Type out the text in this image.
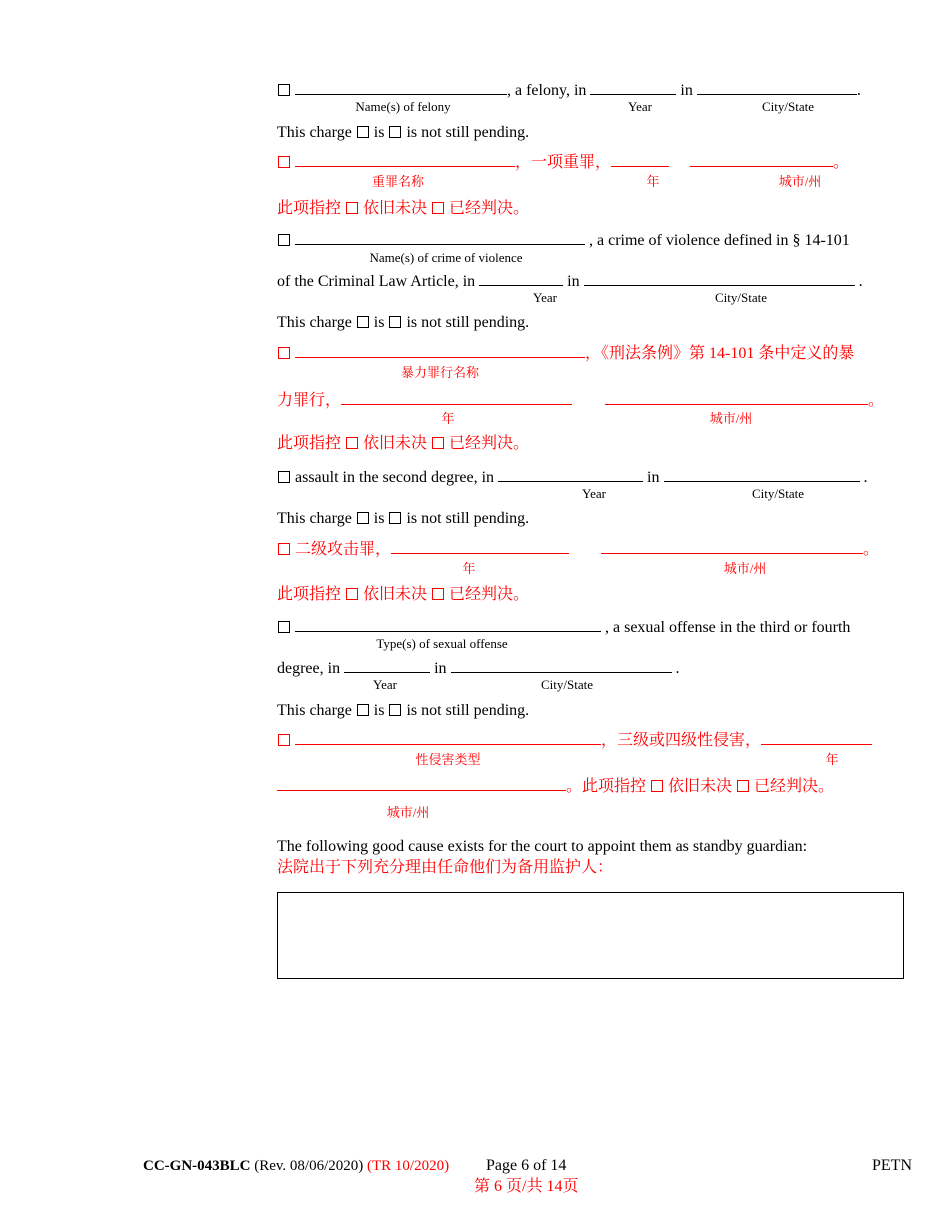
, a felony, in	in	.
Name(s) of felony	Year	City/State
This charge is is not still pending.
，一项重罪，	。
重罪名称	年	城市/州
此项指控 依旧未决 已经判决。
, a crime of violence defined in § 14-101
Name(s) of crime of violence
of the Criminal Law Article, in	in	.
Year	City/State
This charge is is not still pending.
，《刑法条例》第 14-101 条中定义的暴
暴力罪行名称
力罪行，	。
年	城市/州
此项指控 依旧未决 已经判决。
assault in the second degree, in	in	.
Year	City/State
This charge is is not still pending.
二级攻击罪，	。
年	城市/州
此项指控 依旧未决 已经判决。
, a sexual offense in the third or fourth
Type(s) of sexual offense
degree, in	in	.
Year	City/State
This charge is is not still pending.
，三级或四级性侵害，
性侵害类型	年
。此项指控 依旧未决 已经判决。
城市/州
The following good cause exists for the court to appoint them as standby guardian:
法院出于下列充分理由任命他们为备用监护人：
CC-GN-043BLC (Rev. 08/06/2020) (TR 10/2020) Page 6 of 14
第 6 页/共 14页
PETN
